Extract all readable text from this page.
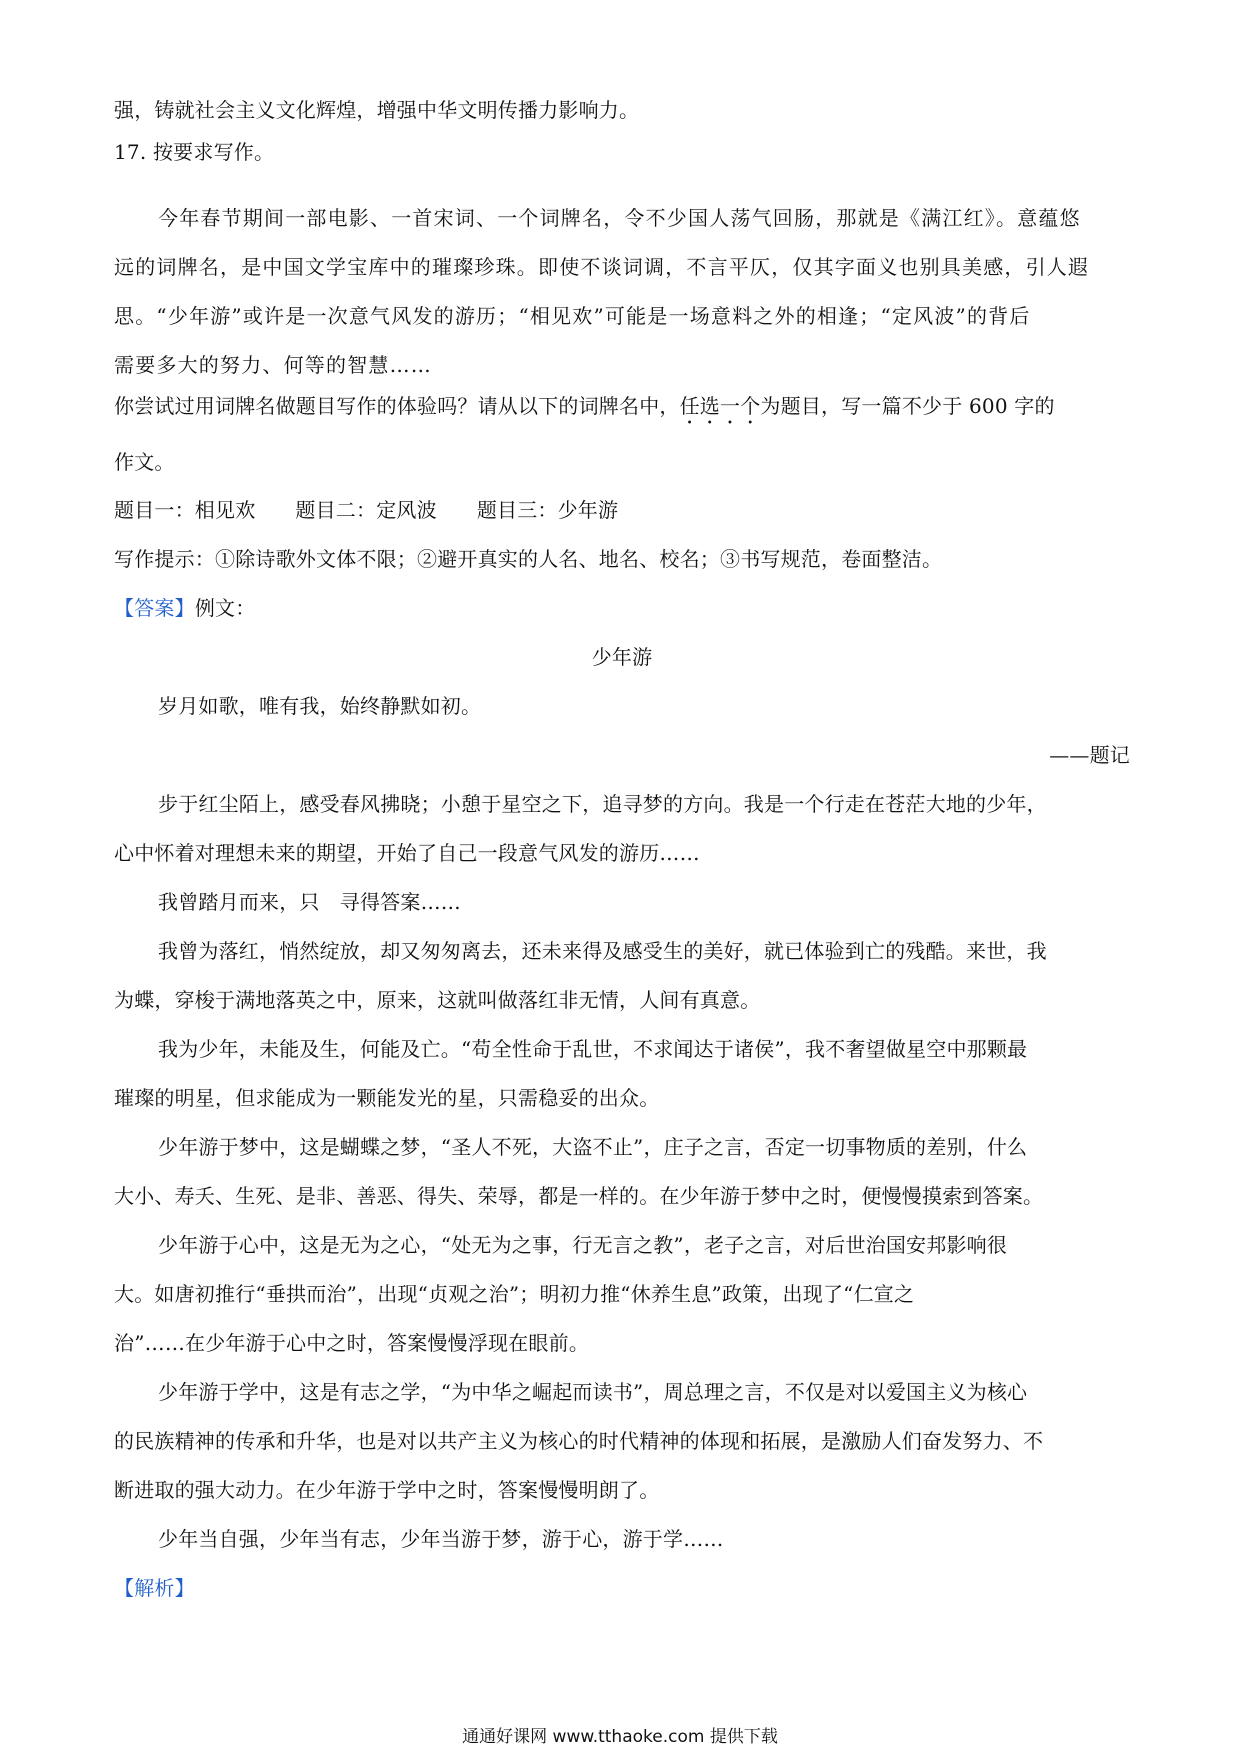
强，铸就社会主义文化辉煌，增强中华文明传播力影响力。
17. 按要求写作。
今年春节期间一部电影、一首宋词、一个词牌名，令不少国人荡气回肠，那就是《满江红》。意蕴悠
远的词牌名，是中国文学宝库中的璀璨珍珠。即使不谈词调，不言平仄，仅其字面义也别具美感，引人遐
思。“少年游”或许是一次意气风发的游历；“相见欢”可能是一场意料之外的相逢；“定风波”的背后
需要多大的努力、何等的智慧……
你尝试过用词牌名做题目写作的体验吗？请从以下的词牌名中，任选一个为题目，写一篇不少于 600 字的
作文。
题目一：相见欢 题目二：定风波 题目三：少年游
写作提示：①除诗歌外文体不限；②避开真实的人名、地名、校名；③书写规范，卷面整洁。
【答案】例文：
少年游
岁月如歌，唯有我，始终静默如初。
——题记
步于红尘陌上，感受春风拂晓；小憩于星空之下，追寻梦的方向。我是一个行走在苍茫大地的少年，
心中怀着对理想未来的期望，开始了自己一段意气风发的游历……
我曾踏月而来，只　寻得答案……
我曾为落红，悄然绽放，却又匆匆离去，还未来得及感受生的美好，就已体验到亡的残酷。来世，我
为蝶，穿梭于满地落英之中，原来，这就叫做落红非无情，人间有真意。
我为少年，未能及生，何能及亡。“苟全性命于乱世，不求闻达于诸侯”，我不奢望做星空中那颗最
璀璨的明星，但求能成为一颗能发光的星，只需稳妥的出众。
少年游于梦中，这是蝴蝶之梦，“圣人不死，大盗不止”，庄子之言，否定一切事物质的差别，什么
大小、寿夭、生死、是非、善恶、得失、荣辱，都是一样的。在少年游于梦中之时，便慢慢摸索到答案。
少年游于心中，这是无为之心，“处无为之事，行无言之教”，老子之言，对后世治国安邦影响很
大。如唐初推行“垂拱而治”，出现“贞观之治”；明初力推“休养生息”政策，出现了“仁宣之
治”……在少年游于心中之时，答案慢慢浮现在眼前。
少年游于学中，这是有志之学，“为中华之崛起而读书”，周总理之言，不仅是对以爱国主义为核心
的民族精神的传承和升华，也是对以共产主义为核心的时代精神的体现和拓展，是激励人们奋发努力、不
断进取的强大动力。在少年游于学中之时，答案慢慢明朗了。
少年当自强，少年当有志，少年当游于梦，游于心，游于学……
【解析】
通通好课网 www.tthaoke.com 提供下载
